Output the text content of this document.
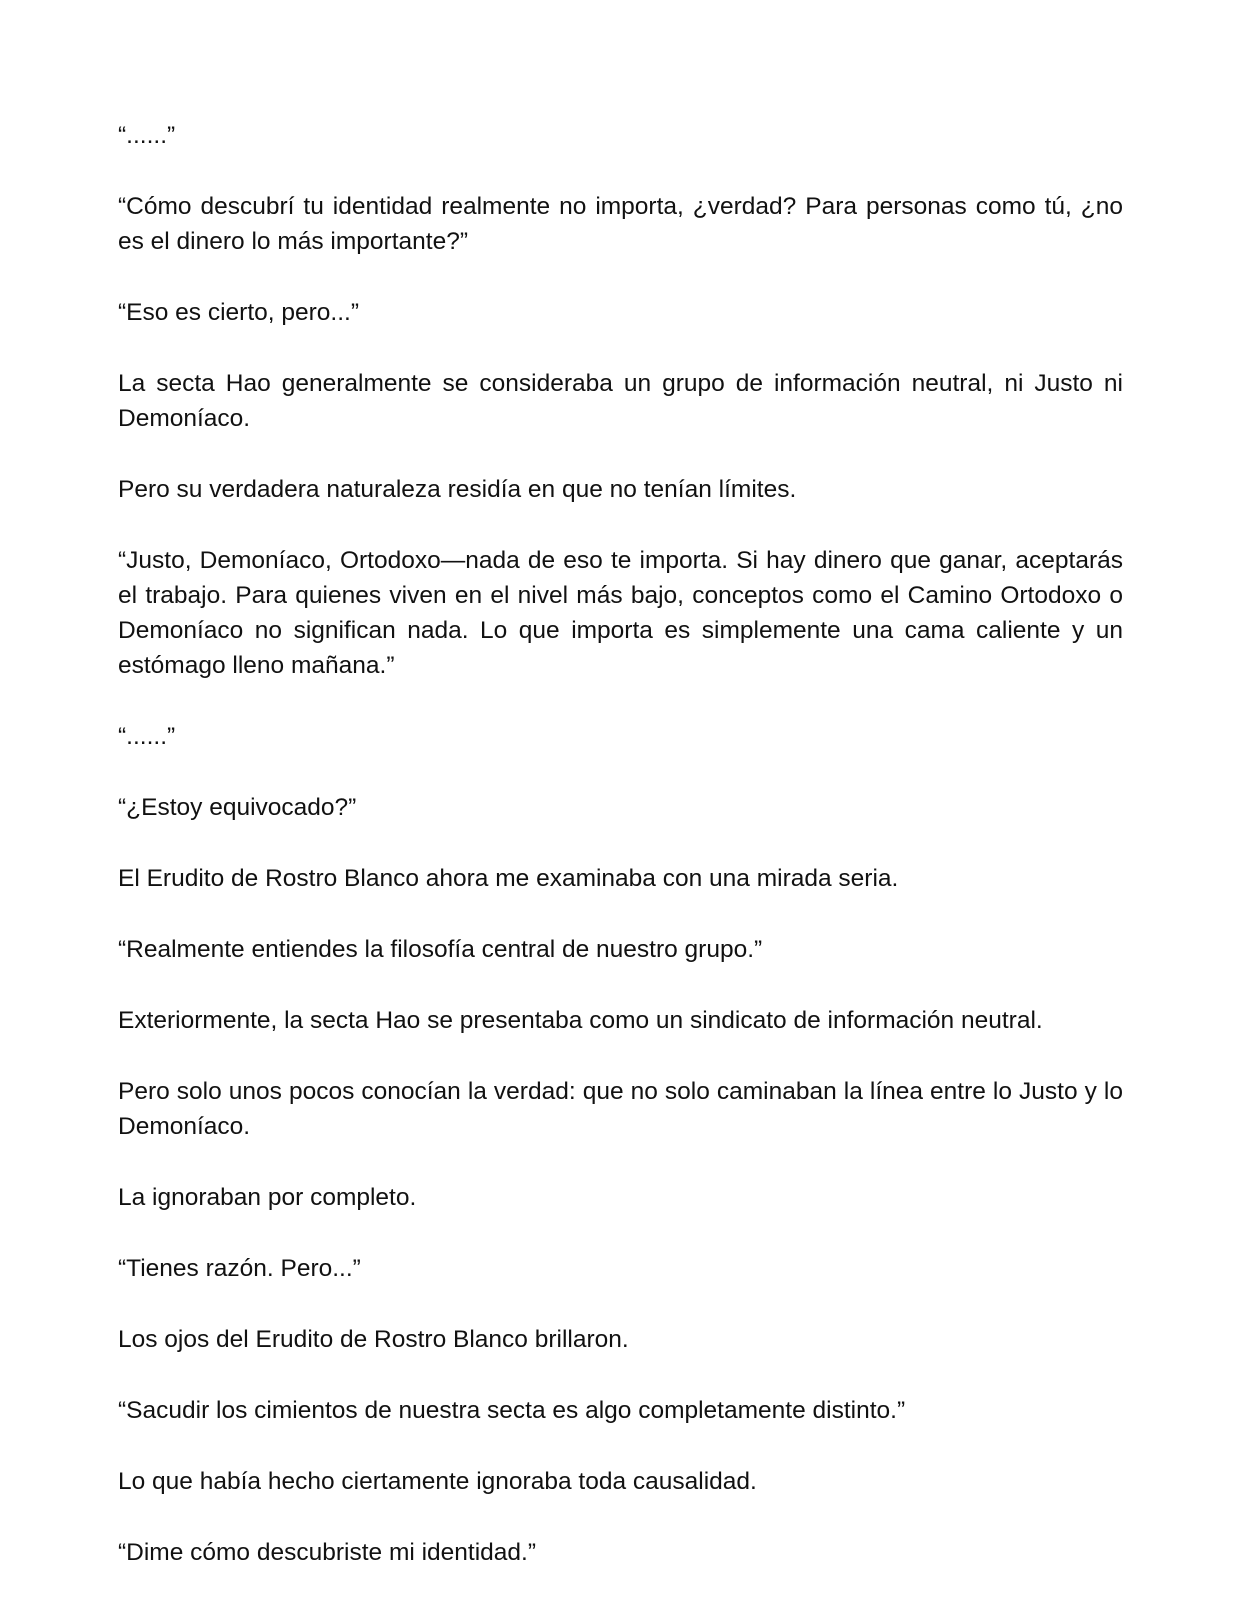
“......”

“Cómo descubrí tu identidad realmente no importa, ¿verdad? Para personas como tú, ¿no es el dinero lo más importante?”

“Eso es cierto, pero...”

La secta Hao generalmente se consideraba un grupo de información neutral, ni Justo ni Demoníaco.

Pero su verdadera naturaleza residía en que no tenían límites.

“Justo, Demoníaco, Ortodoxo—nada de eso te importa. Si hay dinero que ganar, aceptarás el trabajo. Para quienes viven en el nivel más bajo, conceptos como el Camino Ortodoxo o Demoníaco no significan nada. Lo que importa es simplemente una cama caliente y un estómago lleno mañana.”

“......”

“¿Estoy equivocado?”

El Erudito de Rostro Blanco ahora me examinaba con una mirada seria.

“Realmente entiendes la filosofía central de nuestro grupo.”

Exteriormente, la secta Hao se presentaba como un sindicato de información neutral.

Pero solo unos pocos conocían la verdad: que no solo caminaban la línea entre lo Justo y lo Demoníaco.

La ignoraban por completo.

“Tienes razón. Pero...”

Los ojos del Erudito de Rostro Blanco brillaron.

“Sacudir los cimientos de nuestra secta es algo completamente distinto.”

Lo que había hecho ciertamente ignoraba toda causalidad.

“Dime cómo descubriste mi identidad.”
